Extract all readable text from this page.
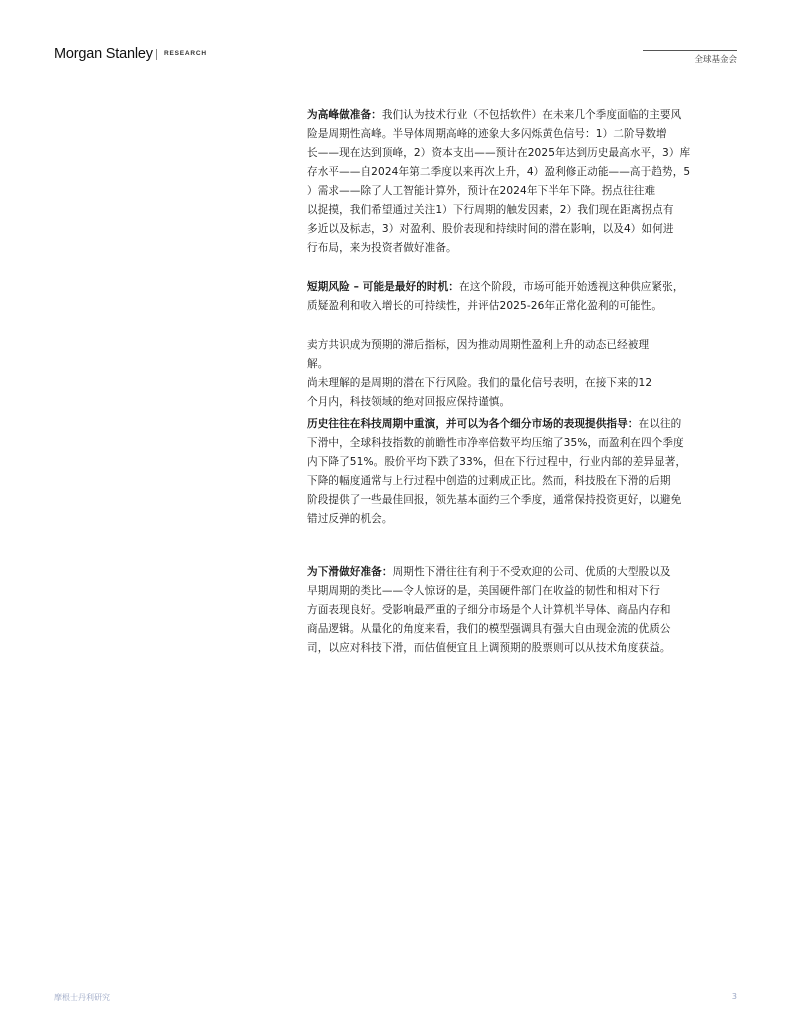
Morgan Stanley RESEARCH
全球基金会

为高峰做准备：我们认为技术行业（不包括软件）在未来几个季度面临的主要风
险是周期性高峰。半导体周期高峰的迹象大多闪烁黄色信号：1）二阶导数增
长——现在达到顶峰，2）资本支出——预计在2025年达到历史最高水平，3）库
存水平——自2024年第二季度以来再次上升，4）盈利修正动能——高于趋势，5
）需求——除了人工智能计算外，预计在2024年下半年下降。拐点往往难
以捉摸，我们希望通过关注1）下行周期的触发因素，2）我们现在距离拐点有
多近以及标志，3）对盈利、股价表现和持续时间的潜在影响，以及4）如何进
行布局，来为投资者做好准备。

短期风险 – 可能是最好的时机：在这个阶段，市场可能开始透视这种供应紧张，
质疑盈利和收入增长的可持续性，并评估2025-26年正常化盈利的可能性。

卖方共识成为预期的滞后指标，因为推动周期性盈利上升的动态已经被理
解。
尚未理解的是周期的潜在下行风险。我们的量化信号表明，在接下来的12
个月内，科技领域的绝对回报应保持谨慎。

历史往往在科技周期中重演，并可以为各个细分市场的表现提供指导：在以往的
下滑中，全球科技指数的前瞻性市净率倍数平均压缩了35%，而盈利在四个季度
内下降了51%。股价平均下跌了33%，但在下行过程中，行业内部的差异显著，
下降的幅度通常与上行过程中创造的过剩成正比。然而，科技股在下滑的后期
阶段提供了一些最佳回报，领先基本面约三个季度，通常保持投资更好，以避免
错过反弹的机会。

为下滑做好准备：周期性下滑往往有利于不受欢迎的公司、优质的大型股以及
早期周期的类比——令人惊讶的是，美国硬件部门在收益的韧性和相对下行
方面表现良好。受影响最严重的子细分市场是个人计算机半导体、商品内存和
商品逻辑。从量化的角度来看，我们的模型强调具有强大自由现金流的优质公
司，以应对科技下滑，而估值便宜且上调预期的股票则可以从技术角度获益。

摩根士丹利研究	3
